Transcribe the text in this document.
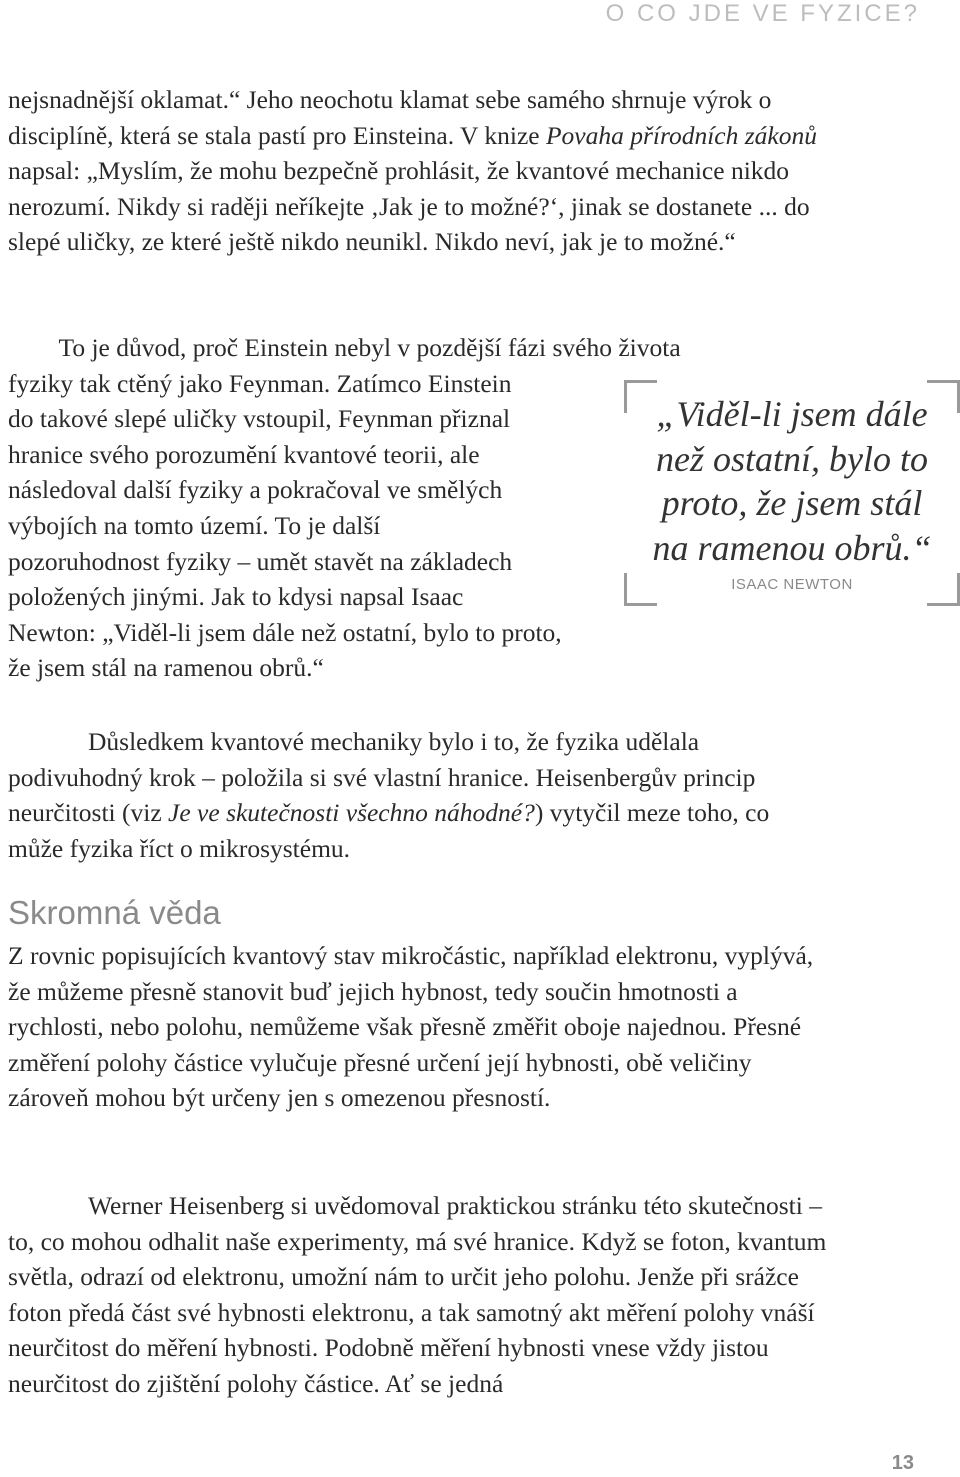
O CO JDE VE FYZICE?

nejsnadnější oklamat.“ Jeho neochotu klamat sebe samého shrnuje výrok o disciplíně, která se stala pastí pro Einsteina. V knize Povaha přírodních zákonů napsal: „Myslím, že mohu bezpečně prohlásit, že kvantové mechanice nikdo nerozumí. Nikdy si raději neříkejte ‚Jak je to možné?‘, jinak se dostanete ... do slepé uličky, ze které ještě nikdo neunikl. Nikdo neví, jak je to možné.“

To je důvod, proč Einstein nebyl v pozdější fázi svého života
fyziky tak ctěný jako Feynman. Zatímco Einstein
do takové slepé uličky vstoupil, Feynman přiznal
hranice svého porozumění kvantové teorii, ale
následoval další fyziky a pokračoval ve smělých
výbojích na tomto území. To je další
pozoruhodnost fyziky – umět stavět na základech
položených jinými. Jak to kdysi napsal Isaac
Newton: „Viděl-li jsem dále než ostatní, bylo to proto,
že jsem stál na ramenou obrů.“

„Viděl-li jsem dále
než ostatní, bylo to
proto, že jsem stál
na ramenou obrů.“

ISAAC NEWTON

Důsledkem kvantové mechaniky bylo i to, že fyzika udělala podivuhodný krok – položila si své vlastní hranice. Heisenbergův princip neurčitosti (viz Je ve skutečnosti všechno náhodné?) vytyčil meze toho, co může fyzika říct o mikrosystému.

Skromná věda

Z rovnic popisujících kvantový stav mikročástic, například elektronu, vyplývá, že můžeme přesně stanovit buď jejich hybnost, tedy součin hmotnosti a rychlosti, nebo polohu, nemůžeme však přesně změřit oboje najednou. Přesné změření polohy částice vylučuje přesné určení její hybnosti, obě veličiny zároveň mohou být určeny jen s omezenou přesností.

Werner Heisenberg si uvědomoval praktickou stránku této skutečnosti – to, co mohou odhalit naše experimenty, má své hranice. Když se foton, kvantum světla, odrazí od elektronu, umožní nám to určit jeho polohu. Jenže při srážce foton předá část své hybnosti elektronu, a tak samotný akt měření polohy vnáší neurčitost do měření hybnosti. Podobně měření hybnosti vnese vždy jistou neurčitost do zjištění polohy částice. Ať se jedná

13
